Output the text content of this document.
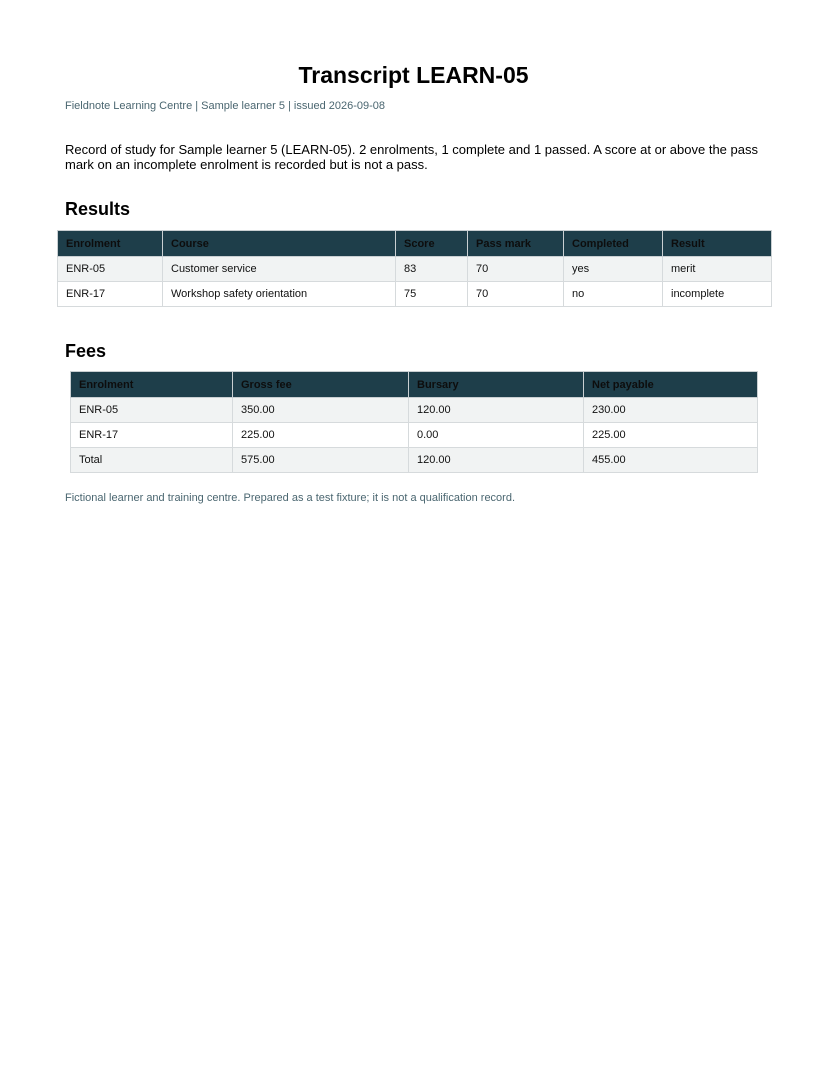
Transcript LEARN-05
Fieldnote Learning Centre | Sample learner 5 | issued 2026-09-08
Record of study for Sample learner 5 (LEARN-05). 2 enrolments, 1 complete and 1 passed. A score at or above the pass mark on an incomplete enrolment is recorded but is not a pass.
Results
Enrolment	Course	Score	Pass mark	Completed	Result
ENR-05	Customer service	83	70	yes	merit
ENR-17	Workshop safety orientation	75	70	no	incomplete
Fees
Enrolment	Gross fee	Bursary	Net payable
ENR-05	350.00	120.00	230.00
ENR-17	225.00	0.00	225.00
Total	575.00	120.00	455.00
Fictional learner and training centre. Prepared as a test fixture; it is not a qualification record.
